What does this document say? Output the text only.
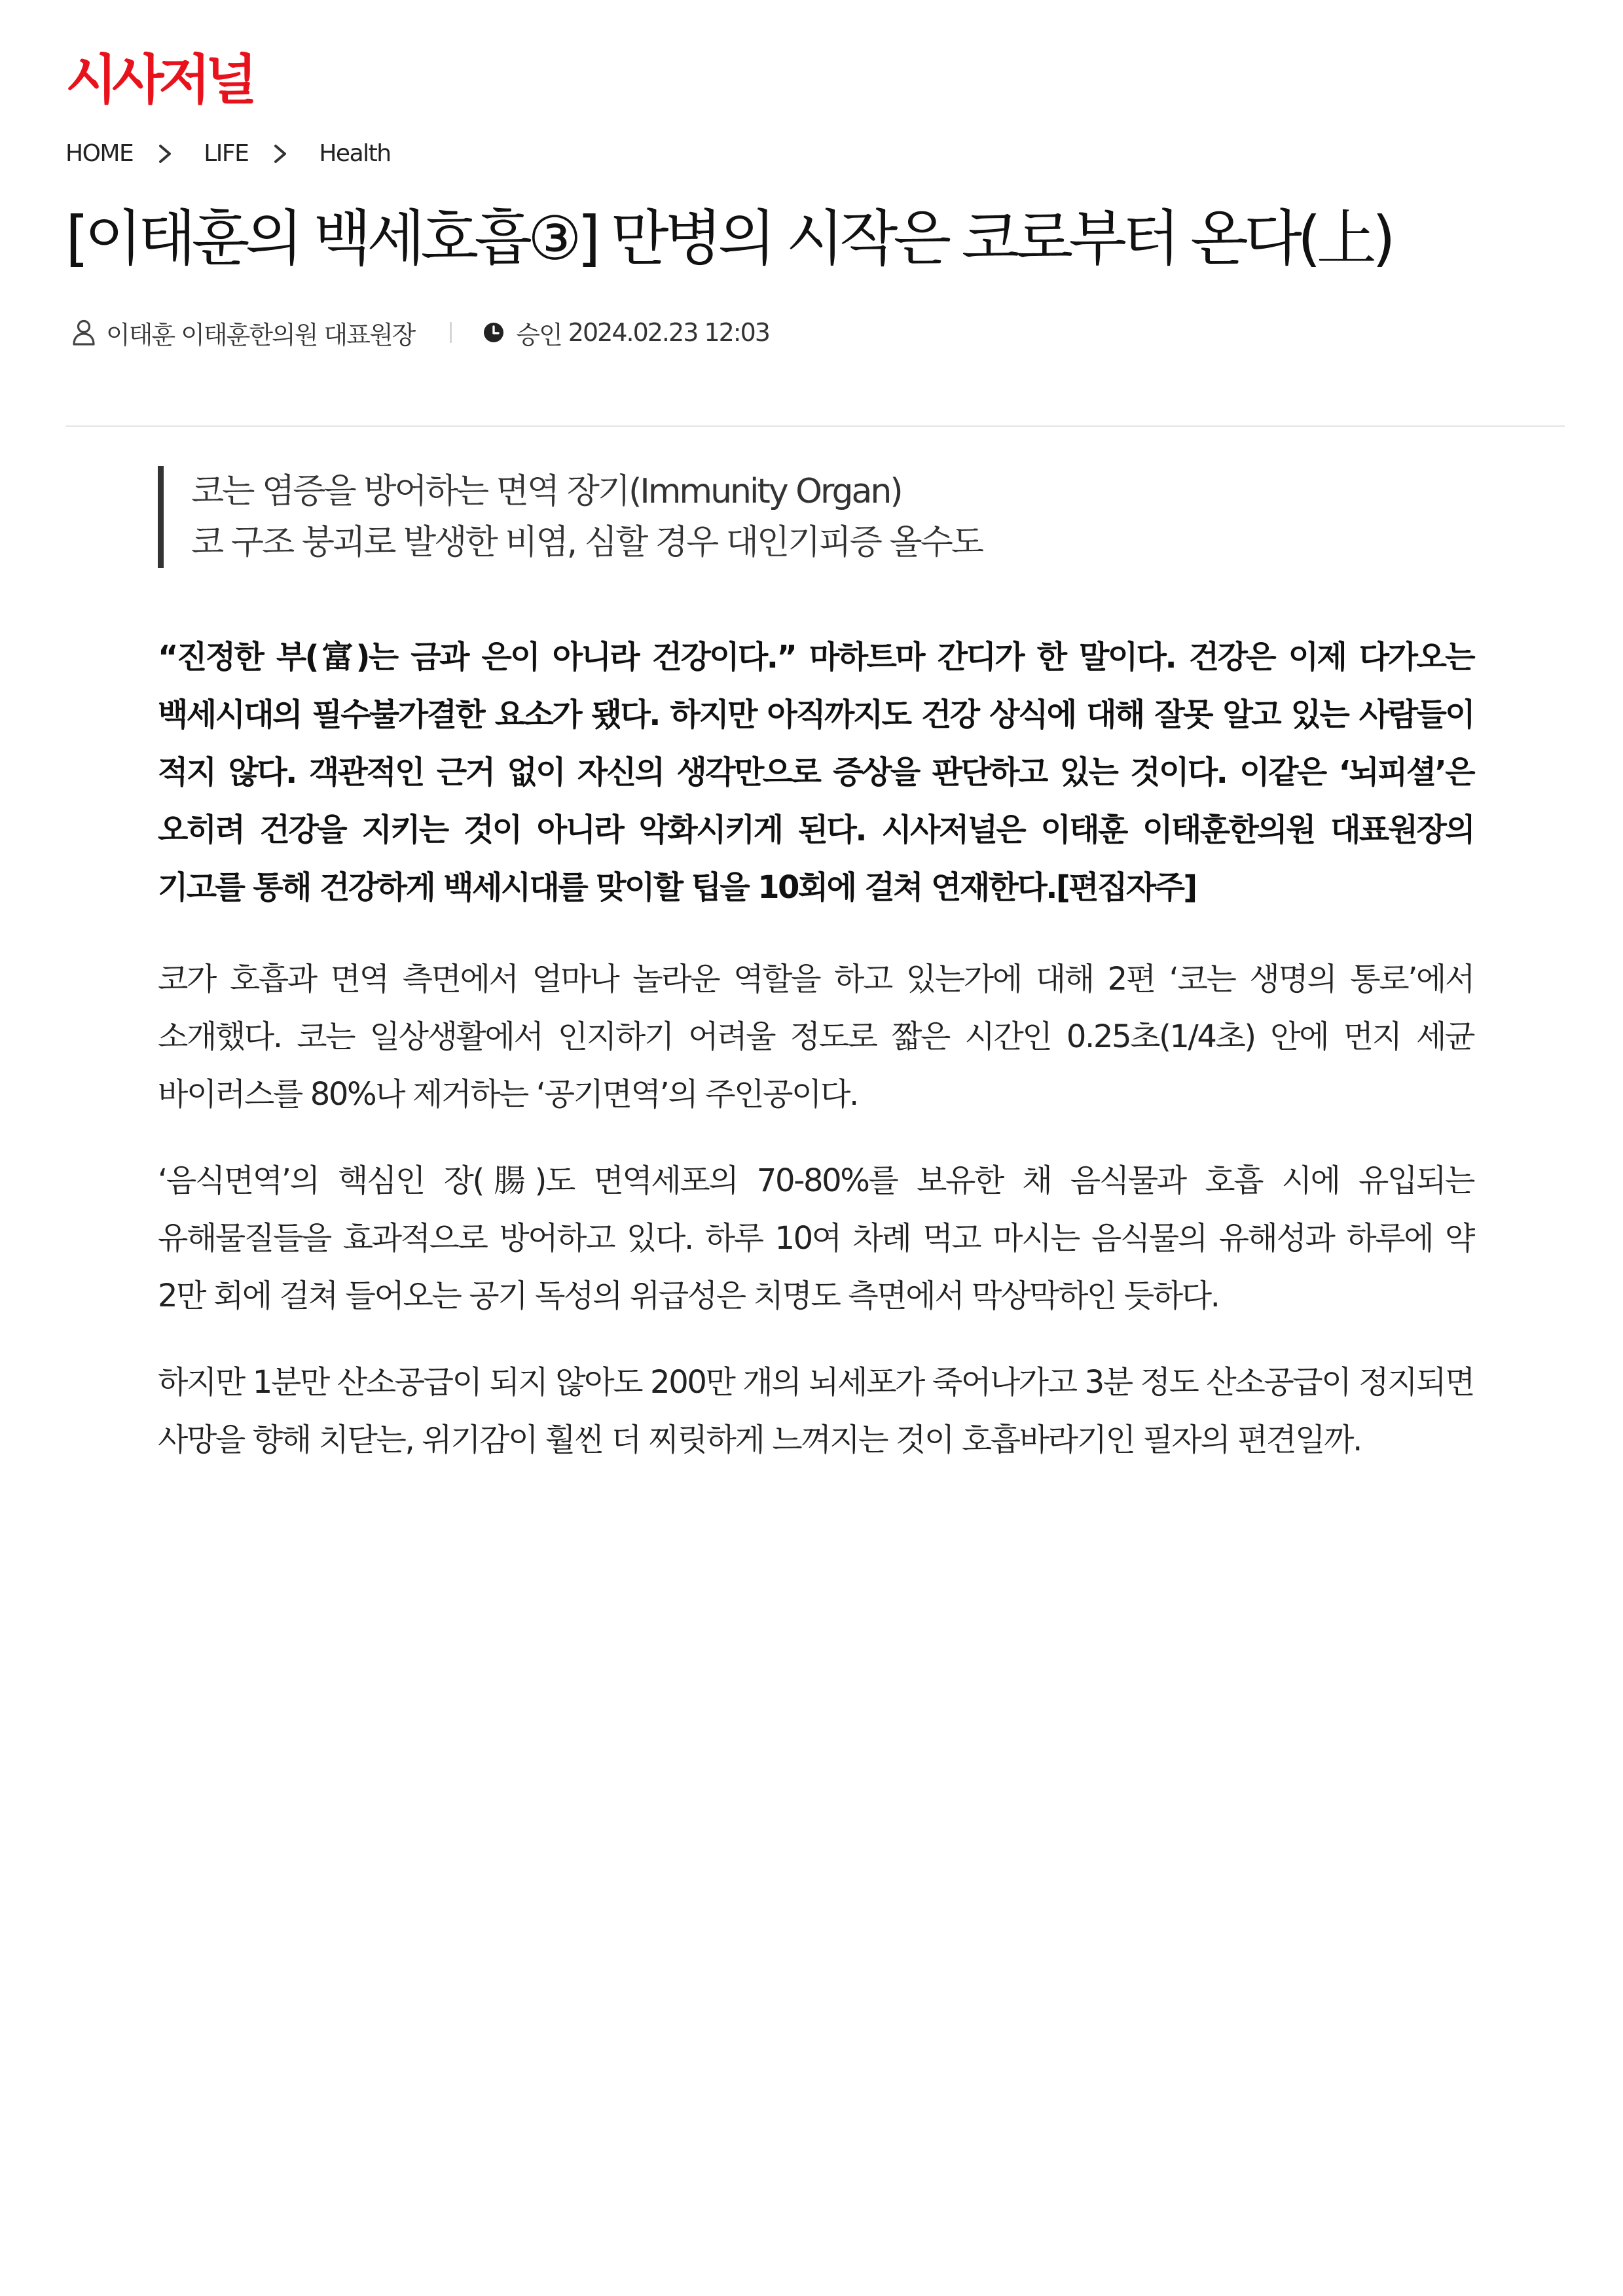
시사저널
HOME	LIFE	Health
[이태훈의 백세호흡③] 만병의 시작은 코로부터 온다(上)
이태훈 이태훈한의원 대표원장	승인 2024.02.23 12:03
코는 염증을 방어하는 면역 장기(Immunity Organ)
코 구조 붕괴로 발생한 비염, 심할 경우 대인기피증 올수도

“진정한 부(富)는 금과 은이 아니라 건강이다.” 마하트마 간디가 한 말이다. 건강은 이제 다가오는 백세시대의 필수불가결한 요소가 됐다. 하지만 아직까지도 건강 상식에 대해 잘못 알고 있는 사람들이 적지 않다. 객관적인 근거 없이 자신의 생각만으로 증상을 판단하고 있는 것이다. 이같은 ‘뇌피셜’은 오히려 건강을 지키는 것이 아니라 악화시키게 된다. 시사저널은 이태훈 이태훈한의원 대표원장의 기고를 통해 건강하게 백세시대를 맞이할 팁을 10회에 걸쳐 연재한다.[편집자주]

코가 호흡과 면역 측면에서 얼마나 놀라운 역할을 하고 있는가에 대해 2편 ‘코는 생명의 통로’에서 소개했다. 코는 일상생활에서 인지하기 어려울 정도로 짧은 시간인 0.25초(1/4초) 안에 먼지 세균 바이러스를 80%나 제거하는 ‘공기면역’의 주인공이다.

‘음식면역’의 핵심인 장(腸)도 면역세포의 70-80%를 보유한 채 음식물과 호흡 시에 유입되는 유해물질들을 효과적으로 방어하고 있다. 하루 10여 차례 먹고 마시는 음식물의 유해성과 하루에 약 2만 회에 걸쳐 들어오는 공기 독성의 위급성은 치명도 측면에서 막상막하인 듯하다.

하지만 1분만 산소공급이 되지 않아도 200만 개의 뇌세포가 죽어나가고 3분 정도 산소공급이 정지되면 사망을 향해 치닫는, 위기감이 훨씬 더 찌릿하게 느껴지는 것이 호흡바라기인 필자의 편견일까.
